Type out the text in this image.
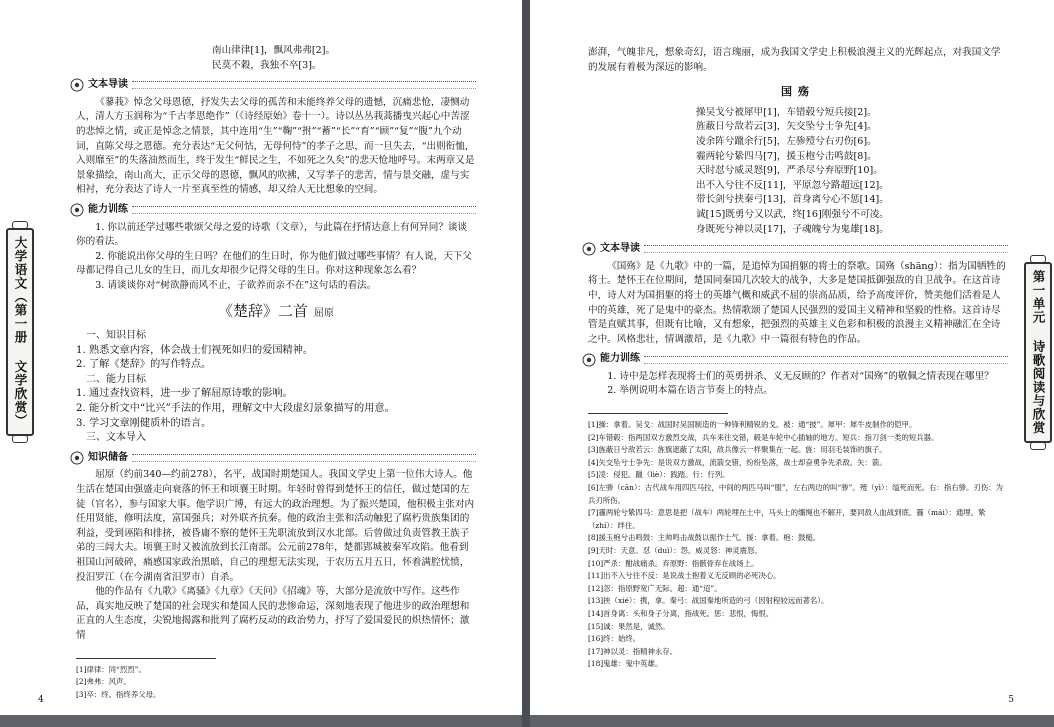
南山律律[1]，飘风弗弗[2]。

民莫不穀，我独不卒[3]。

文本导读

《蓼莪》悼念父母恩德，抒发失去父母的孤苦和未能终养父母的遗憾，沉痛悲怆，凄恻动人，清人方玉润称为“千古孝思绝作”（《诗经原始》卷十一）。诗以丛丛莪蒿播曳兴起心中苦涩的悲悼之情，或正是悼念之情景，其中连用“生”“鞠”“拊”“蓄”“长”“育”“顾”“复”“腹”九个动词，直陈父母之恩德。充分表达“无父何怙，无母何恃”的孝子之思，而一旦失去，“出则衔恤，入则靡至”的失落油然而生，终于发生“鲜民之生，不如死之久矣”的悲天怆地呼号。末两章又是景象描绘，南山高大，正示父母的恩德，飘风的吹拂，又写孝子的悲苦，情与景交融，虚与实相衬，充分表达了诗人一片至真至性的情感，却又给人无比想象的空间。

能力训练

1. 你以前还学过哪些歌颂父母之爱的诗歌（文章），与此篇在抒情达意上有何异同？谈谈你的看法。

2. 你能说出你父母的生日吗？在他们的生日时，你为他们做过哪些事情？有人说，天下父母都记得自己儿女的生日，而儿女却很少记得父母的生日。你对这种现象怎么看？

3. 请谈谈你对“树欲静而风不止，子欲养而亲不在”这句话的看法。

《楚辞》二首 屈原

一、知识目标

1. 熟悉文章内容，体会战士们视死如归的爱国精神。

2. 了解《楚辞》的写作特点。

二、能力目标

1. 通过查找资料，进一步了解屈原诗歌的影响。

2. 能分析文中“比兴”手法的作用，理解文中大段虚幻景象描写的用意。

3. 学习文章刚健质朴的语言。

三、文本导入

知识储备

屈原（约前340—约前278），名平，战国时期楚国人。我国文学史上第一位伟大诗人。他生活在楚国由强盛走向衰落的怀王和顷襄王时期。年轻时曾得到楚怀王的信任，做过楚国的左徒（官名），参与国家大事。他学识广博，有远大的政治理想。为了振兴楚国，他积极主张对内任用贤能，修明法度，富国强兵；对外联齐抗秦。他的政治主张和活动触犯了腐朽贵族集团的利益，受到诬陷和排挤，被昏庸不察的楚怀王先职流放到汉水北部。后曾做过负责管教王族子弟的三闾大夫。顷襄王时又被流放到长江南部。公元前278年，楚都郢城被秦军攻陷。他看到祖国山河破碎，痛感国家政治黑暗，自己的理想无法实现，于农历五月五日，怀着满腔忧愤，投汨罗江（在今湖南省汨罗市）自杀。

他的作品有《九歌》《离骚》《九章》《天问》《招魂》等，大部分是流放中写作。这些作品，真实地反映了楚国的社会现实和楚国人民的悲惨命运，深刻地表现了他进步的政治理想和正直的人生态度，尖锐地揭露和批判了腐朽反动的政治势力，抒写了爱国爱民的炽热情怀；激情

[1]律律：同“烈烈”。

[2]弗弗：风声。

[3]卒：终。指终养父母。

大学语文（第一册 文学欣赏）
4

澎湃，气魄非凡，想象奇幻，语言瑰丽，成为我国文学史上积极浪漫主义的光辉起点，对我国文学的发展有着极为深远的影响。

国殇

操吴戈兮被犀甲[1]，车错毂兮短兵接[2]。

旌蔽日兮敌若云[3]，矢交坠兮士争先[4]。

凌余阵兮躐余行[5]，左骖殪兮右刃伤[6]。

霾两轮兮絷四马[7]，援玉枹兮击鸣鼓[8]。

天时怼兮威灵怒[9]，严杀尽兮弃原野[10]。

出不入兮往不反[11]，平原忽兮路超远[12]。

带长剑兮挟秦弓[13]，首身离兮心不惩[14]。

诚[15]既勇兮又以武，终[16]刚强兮不可凌。

身既死兮神以灵[17]，子魂魄兮为鬼雄[18]。

文本导读

《国殇》是《九歌》中的一篇，是追悼为国捐躯的将士的祭歌。国殇（shāng）：指为国牺牲的将士。楚怀王在位期间，楚国同秦国几次较大的战争，大多是楚国抵御强敌的自卫战争。在这首诗中，诗人对为国捐躯的将士的英雄气概和威武不屈的崇高品质，给予高度评价，赞美他们活着是人中的英雄，死了是鬼中的豪杰。热情歌颂了楚国人民强烈的爱国主义精神和坚毅的性格。这首诗尽管是直赋其事，但既有比喻，又有想象，把强烈的英雄主义色彩和积极的浪漫主义精神融汇在全诗之中。风格悲壮，情调激昂，是《九歌》中一篇很有特色的作品。

能力训练

1. 诗中是怎样表现将士们的英勇拼杀、义无反顾的？作者对“国殇”的敬佩之情表现在哪里？

2. 举例说明本篇在语言节奏上的特点。

[1]操：拿着。吴戈：战国时吴国制造的一种锋利精锐的戈。被：通“披”。犀甲：犀牛皮制作的铠甲。

[2]车错毂：指两国双方激烈交战，兵车来往交错，毂是车轮中心插轴的地方。短兵：指刀剑一类的短兵器。

[3]旌蔽日兮敌若云：旌旗遮蔽了太阳，敌兵像云一样聚集在一起。旌：用羽毛装饰的旗子。

[4]矢交坠兮士争先：是说双方激战，流箭交错，纷纷坠落，战士却奋勇争先杀敌。矢：箭。

[5]凌：侵犯。躐（liè）：践踏。行：行列。

[6]左骖（cān）：古代战车用四匹马拉，中间的两匹马叫“服”，左右两边的叫“骖”。殪（yì）：缢死而死。右：指右骖。刃伤：为兵刃所伤。

[7]霾两轮兮絷四马：意思是把（战车）两轮埋在土中，马头上的缰绳也不解开，要同敌人血战到底。霾（mái）：通埋。絷（zhí）：绊住。

[8]援玉枹兮击鸣鼓：主帅鸣击战鼓以振作士气。援：拿着。枹：鼓槌。

[9]天时：天意。怼（duì）：怨。威灵怒：神灵震怒。

[10]严杀：酣战痛杀。弃原野：指骸骨弃在战场上。

[11]出不入兮往不反：是说战士抱着义无反顾的必死决心。

[12]忽：指原野宽广无际。超：通“迢”。

[13]挟（xié）：携，拿。秦弓：战国秦地所造的弓（因射程较远而著名）。

[14]首身离：头和身子分离，指战死。惩：悲恨，悔恨。

[15]诚：果然是，诚然。

[16]终：始终。

[17]神以灵：指精神永存。

[18]鬼雄：鬼中英雄。

第一单元 诗歌阅读与欣赏
5
